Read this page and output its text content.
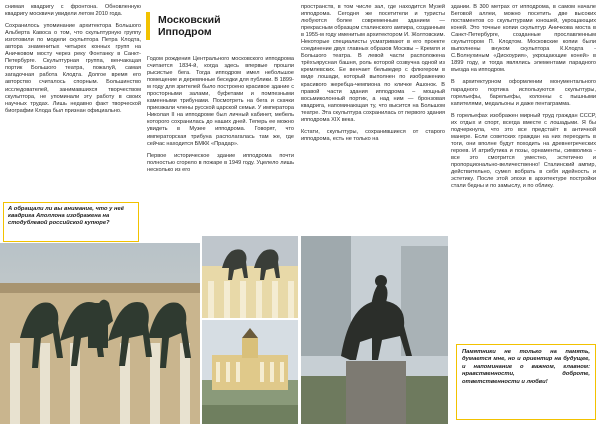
снимая квадригу с фронтона. Обновленную квадригу москвичи увидели летом 2010 года.

Сохранилось упоминание архитектора Большого Альберта Кавоса о том, что скульптурную группу изготовили по модели скульптора Петра Клодта, автора знаменитых четырех конных групп на Аничковом мосту через реку Фонтанку в Санкт-Петербурге. Скульптурная группа, венчающая портик Большого театра, пожалуй, самая загадочная работа Клодта. Долгое время его авторство считалось спорным. Большинство исследователей, занимавшихся творчеством скульптора, не упоминали эту работу в своих научных трудах. Лишь недавно факт творческой биографии Клода был признан официально.

А обращали ли вы внимание, что у неё квадрига Аполлона изображена на стодублевой российской купюре?
Московский
Ипподром

Годом рождения Центрального московского ипподрома считается 1834-й, когда здесь впервые прошли рысистые бега. Тогда ипподром имел небольшое помещение и деревянные беседки для публики. В 1899-м году для зрителей было построено красивое здание с просторными залами, буфетами и помпезными каменными трибунами. Посмотреть на бега и скачки приезжали члены русской царской семьи. У императора Николая II на ипподроме был личный кабинет, мебель которого сохранилась до наших дней. Теперь ее можно увидеть в Музее ипподрома. Говорят, что императорская трибуна располагалась там же, где сейчас находится БМКК «Прадар».

Первое историческое здание ипподрома почти полностью сгорело в пожаре в 1949 году. Уцелело лишь несколько из его

пространств, в том числе зал, где находится Музей ипподрома. Сегодня же посетители и туристы любуются более современным зданием — прекрасным образцом сталинского ампира, созданным в 1955-м году именитым архитектором И. Жолтовским. Некоторые специалисты усматривают в его проекте соединение двух главных образов Москвы – Кремля и Большого театра. В левой части расположена трёхъярусная башня, роль которой созвучна одной из кремлевских. Ее венчает бельведер с флюгером в виде лошади, который выполнен по изображению красивого жеребца-чемпиона по кличке Ашонок. В правой части здания ипподрома – мощный восьмиколонный портик, а над ним — бронзовая квадрига, напоминающая ту, что высится на Большом театре. Эта скульптура сохранилась от первого здания ипподрома XIX века.

Кстати, скульптуры, сохранившиеся от старого ипподрома, есть не только на

здании. В 300 метрах от ипподрома, в самом начале Беговой аллеи, можно посетить две высоких постаментов со скульптурами юношей, укрощающих коней. Это точные копии скульптур Аничкова моста в Санкт-Петербурге, созданные прославленным скульптором П. Клодтом. Московские копии были выполнены внуком скульптора К.Клодта - С.Волнухиным «Дискоурия», укрощающие коней» в 1899 году, и тогда являлись элементами парадного въезда на ипподром.

В архитектурном оформлении монументального парадного портика используются скульптуры, горельефы, барельефы, колонны с пышными капителями, медальоны и даже пентаграмма.

В горельефах изображен мирный труд граждан СССР, их отдых и спорт, всегда вместе с лошадьми. Я бы подчеркнула, что это все предстаёт в античной манере. Если советских граждан на них переодеть в тоги, они вполне будут походить на древнегреческих героев. И атрибутика и позы, орнаменты, символика - все это смотрится уместно, эстетично и пропорционально-величественно! Сталинский ампир, действительно, сумел вобрать в себя идейность и эстетику. После этой эпохи в архитектуре постройки стали бедны и по замыслу, и по облику.

Памятники не только на память, думается мне, но и ориентир на будущее, и напоминание о важном, главном: нравственности, доброте, ответственности и любви!
